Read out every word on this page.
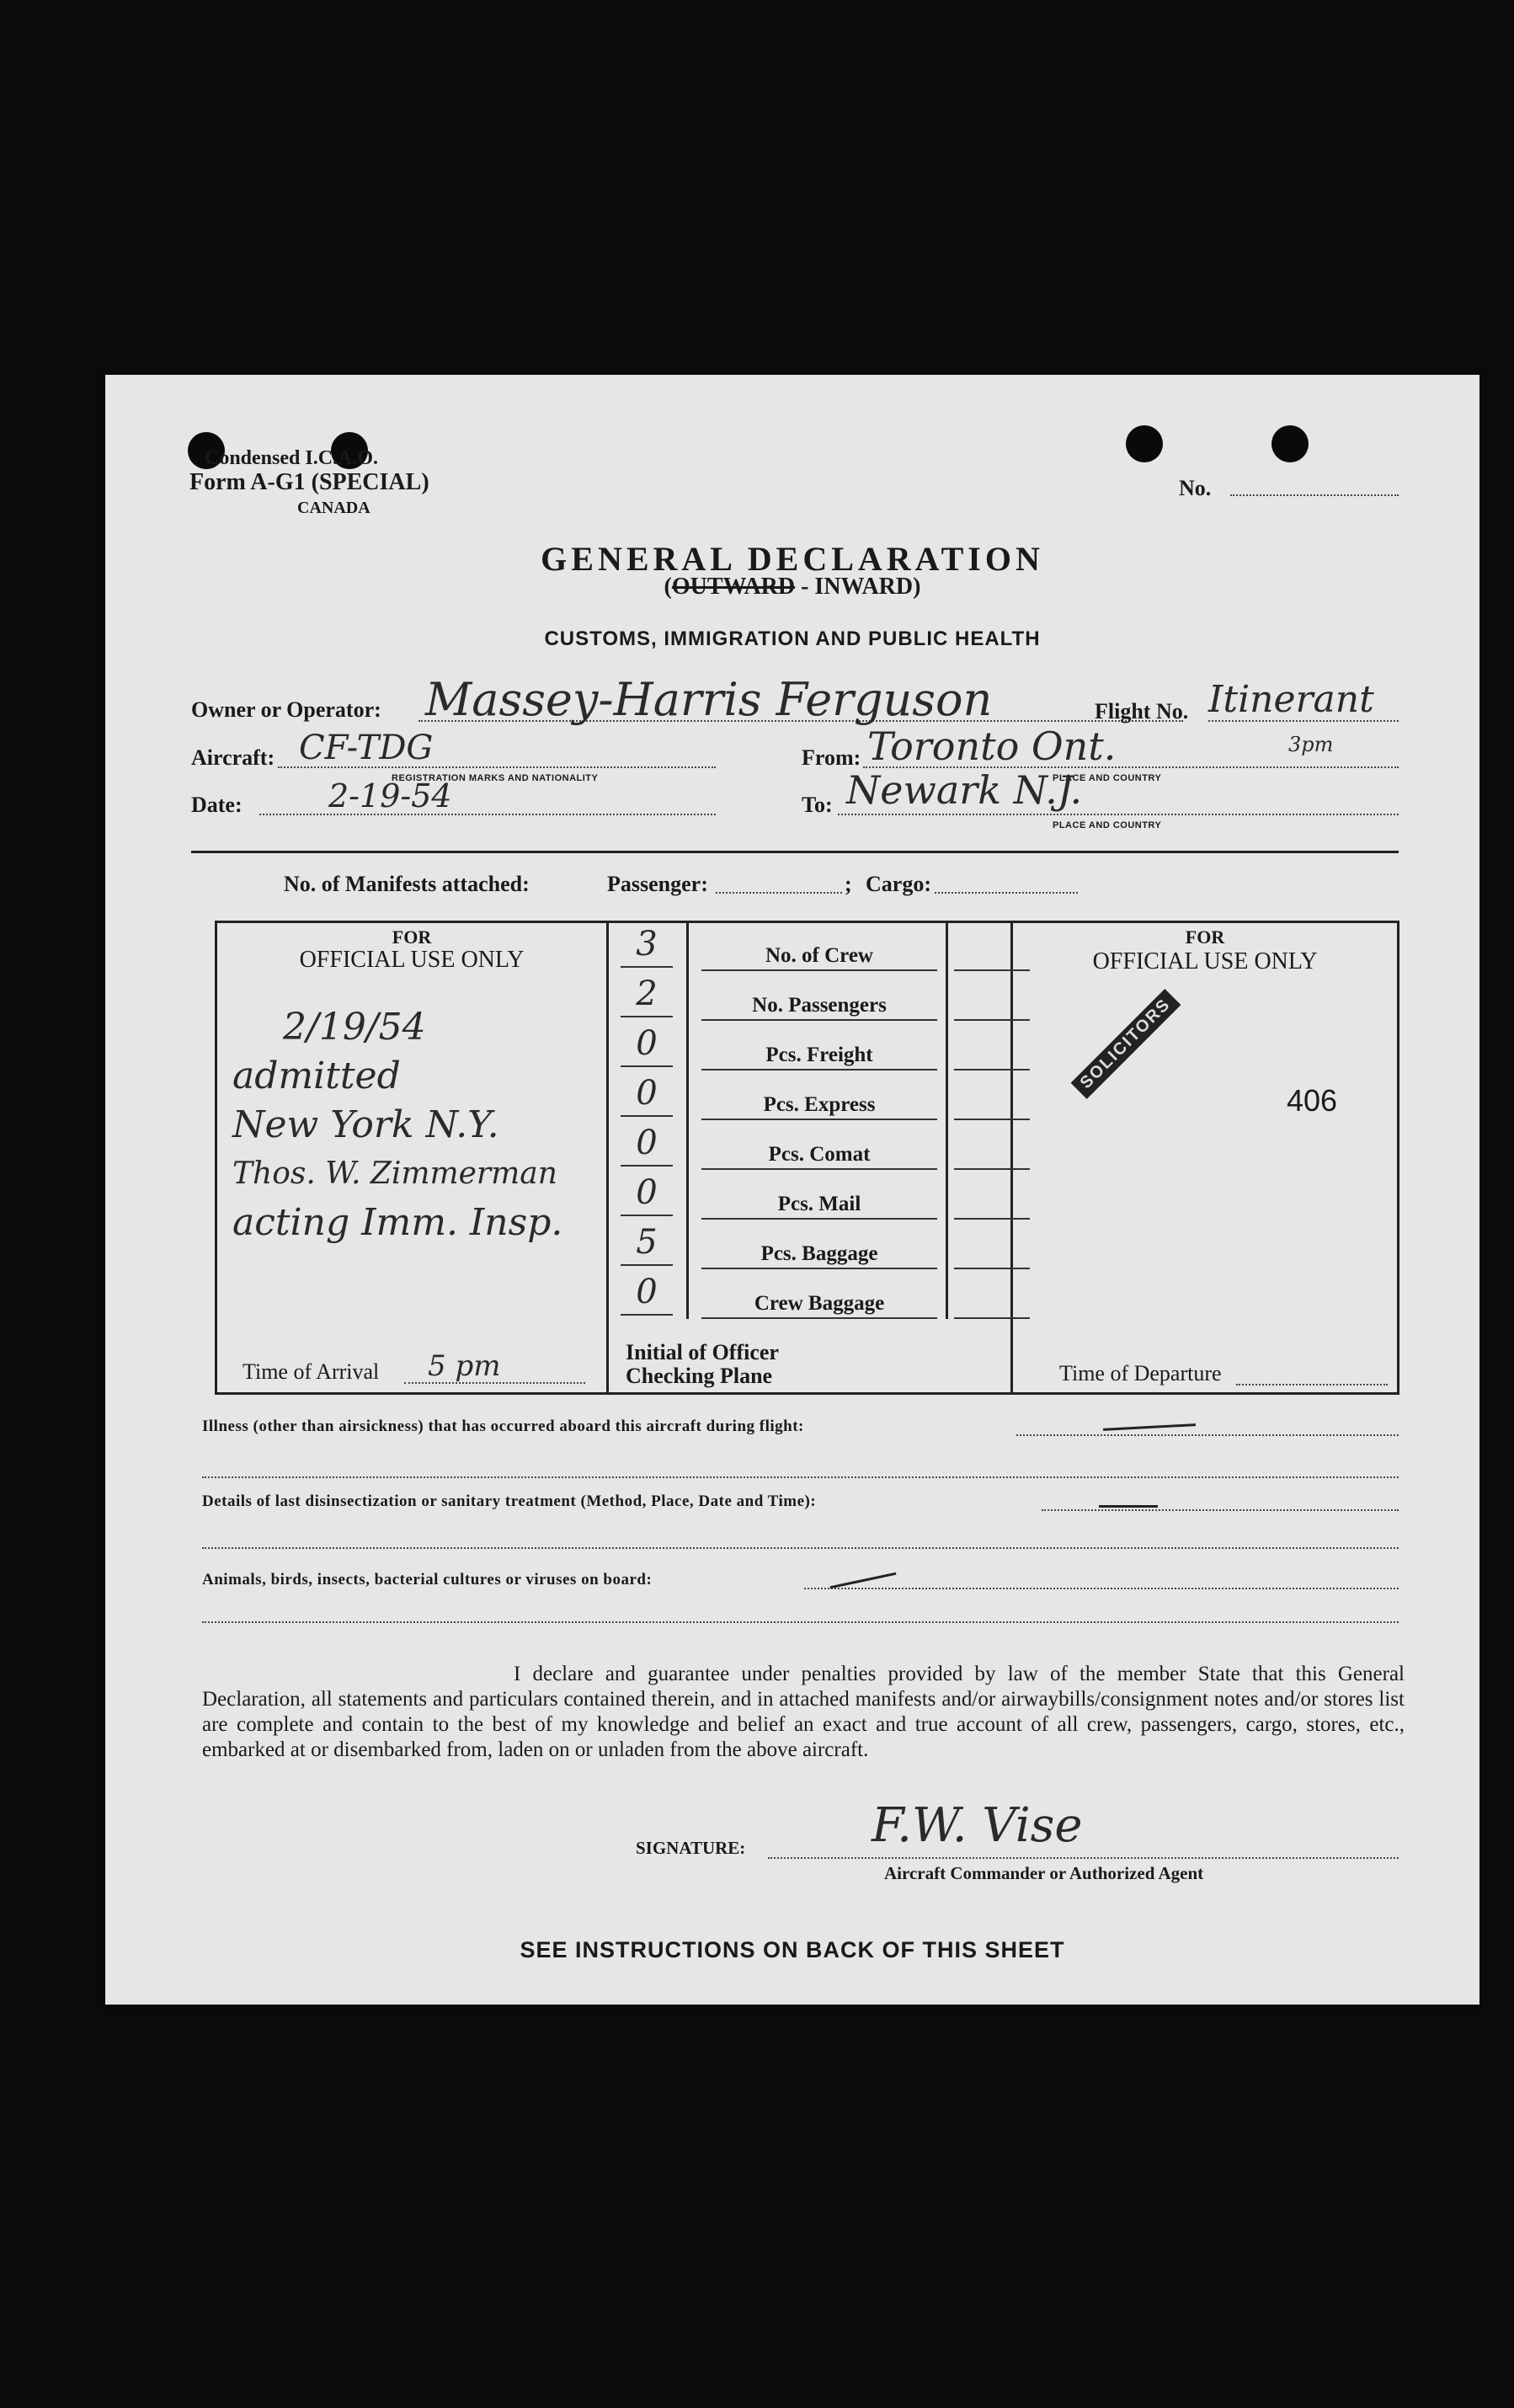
Condensed I.C.A.O.
Form A-G1 (SPECIAL)
CANADA
No.
GENERAL DECLARATION
(OUTWARD - INWARD)
CUSTOMS, IMMIGRATION AND PUBLIC HEALTH
Owner or Operator: Massey-Harris Ferguson	Flight No. Itinerant
Aircraft: CF-TDG
REGISTRATION MARKS AND NATIONALITY
From: Toronto Ont.	3pm
PLACE AND COUNTRY
Date:	2-19-54	To: Newark N.J.
PLACE AND COUNTRY
No. of Manifests attached:	Passenger:	; Cargo:
FOR
OFFICIAL USE ONLY
2/19/54
admitted
New York N.Y.
Thos. W. Zimmerman
acting Imm. Insp.
Time of Arrival 5 pm
3	No. of Crew
2	No. Passengers
0	Pcs. Freight
0	Pcs. Express
0	Pcs. Comat
0	Pcs. Mail
5	Pcs. Baggage
0	Crew Baggage
Initial of Officer
Checking Plane
FOR
OFFICIAL USE ONLY
SOLICITORS
406
Time of Departure
Illness (other than airsickness) that has occurred aboard this aircraft during flight:
Details of last disinsectization or sanitary treatment (Method, Place, Date and Time):
Animals, birds, insects, bacterial cultures or viruses on board:
I declare and guarantee under penalties provided by law of the member State that this General Declaration, all statements and particulars contained therein, and in attached manifests and/or airwaybills/consignment notes and/or stores list are complete and contain to the best of my knowledge and belief an exact and true account of all crew, passengers, cargo, stores, etc., embarked at or disembarked from, laden on or unladen from the above aircraft.
SIGNATURE:	F.W. Vise
Aircraft Commander or Authorized Agent
SEE INSTRUCTIONS ON BACK OF THIS SHEET
